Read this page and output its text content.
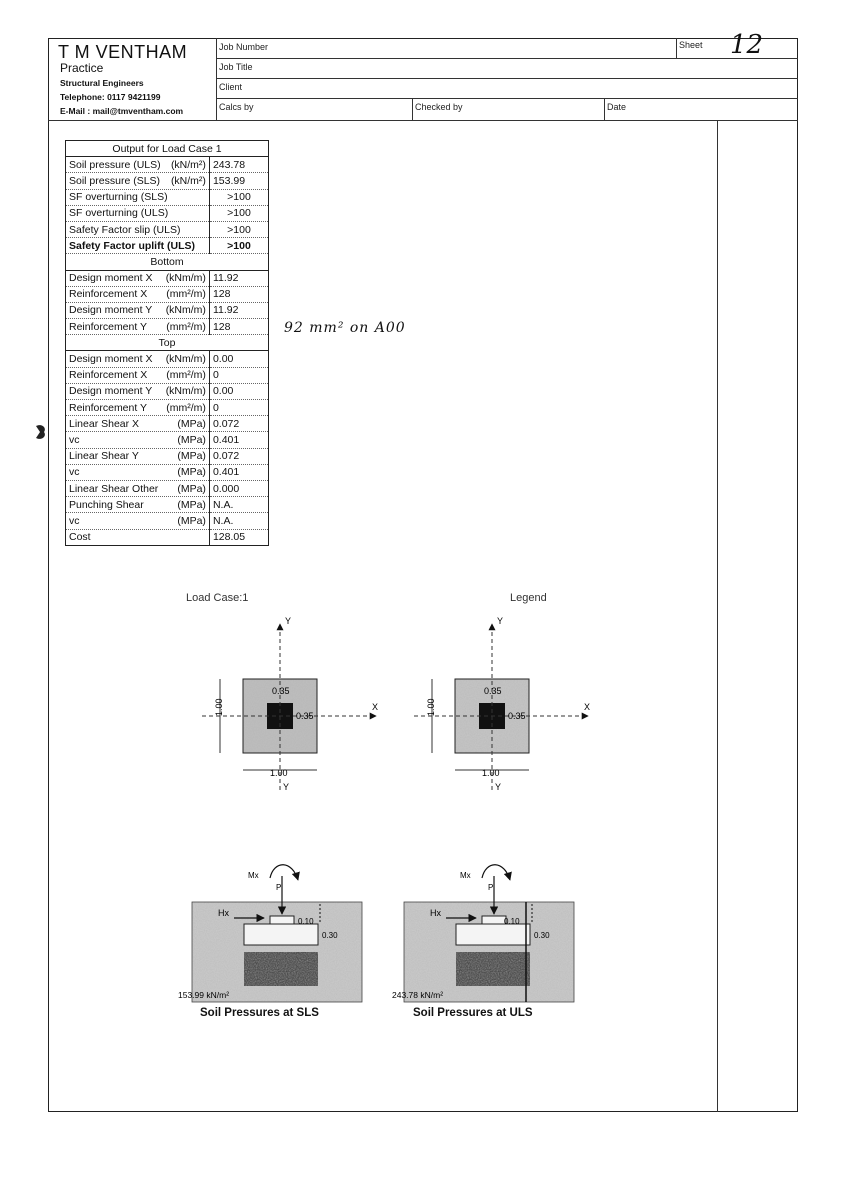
T M VENTHAM
Practice
Structural Engineers
Telephone: 0117 9421199
E-Mail : mail@tmventham.com
Job Number	Sheet 12
Job Title
Client
Calcs by	Checked by	Date
Output for Load Case 1	
Soil pressure (ULS) (kN/m²)	243.78
Soil pressure (SLS) (kN/m²)	153.99
SF overturning (SLS)	>100
SF overturning (ULS)	>100
Safety Factor slip (ULS)	>100
Safety Factor uplift (ULS)	>100
Bottom	
Design moment X (kNm/m)	11.92
Reinforcement X (mm²/m)	128
Design moment Y (kNm/m)	11.92
Reinforcement Y (mm²/m)	128
Top	
Design moment X (kNm/m)	0.00
Reinforcement X (mm²/m)	0
Design moment Y (kNm/m)	0.00
Reinforcement Y (mm²/m)	0
Linear Shear X (MPa)	0.072
vc (MPa)	0.401
Linear Shear Y (MPa)	0.072
vc (MPa)	0.401
Linear Shear Other (MPa)	0.000
Punching Shear (MPa)	N.A.
vc (MPa)	N.A.
Cost	128.05
92 mm² on A00
Load Case:1	Legend
Y
X
0.35
0.35
1.00
1.00
Y
Y
X
0.35
0.35
1.00
1.00
Y
Mx
P
Hx
0.10
0.30
153.99 kN/m²
Mx
P
Hx
0.10
0.30
243.78 kN/m²
Soil Pressures at SLS	Soil Pressures at ULS
